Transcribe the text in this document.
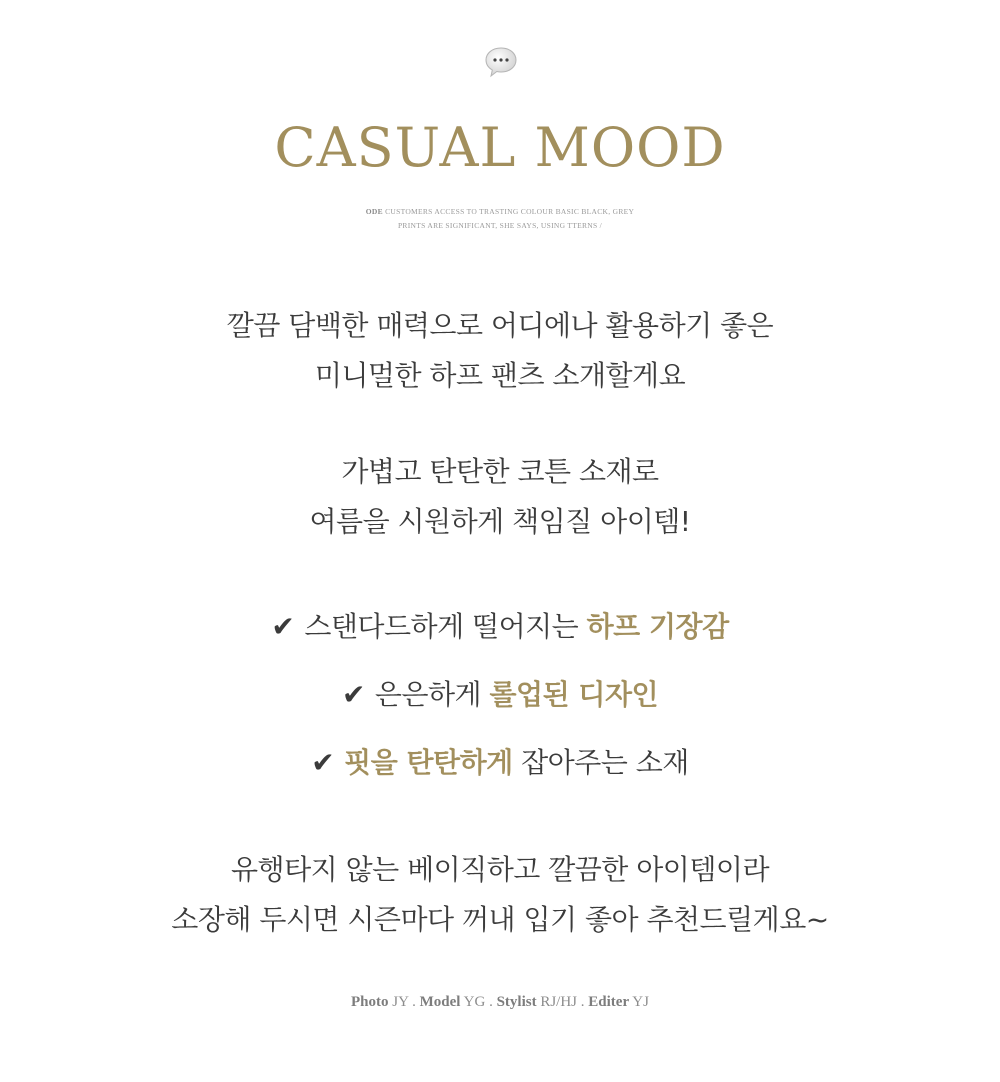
CASUAL MOOD
ODE CUSTOMERS ACCESS TO TRASTING COLOUR BASIC BLACK, GREY
PRINTS ARE SIGNIFICANT, SHE SAYS, USING TTERNS /
깔끔 담백한 매력으로 어디에나 활용하기 좋은
미니멀한 하프 팬츠 소개할게요
가볍고 탄탄한 코튼 소재로
여름을 시원하게 책임질 아이템!
✔ 스탠다드하게 떨어지는 하프 기장감
✔ 은은하게 롤업된 디자인
✔ 핏을 탄탄하게 잡아주는 소재
유행타지 않는 베이직하고 깔끔한 아이템이라
소장해 두시면 시즌마다 꺼내 입기 좋아 추천드릴게요~
Photo JY . Model YG . Stylist RJ/HJ . Editer YJ
